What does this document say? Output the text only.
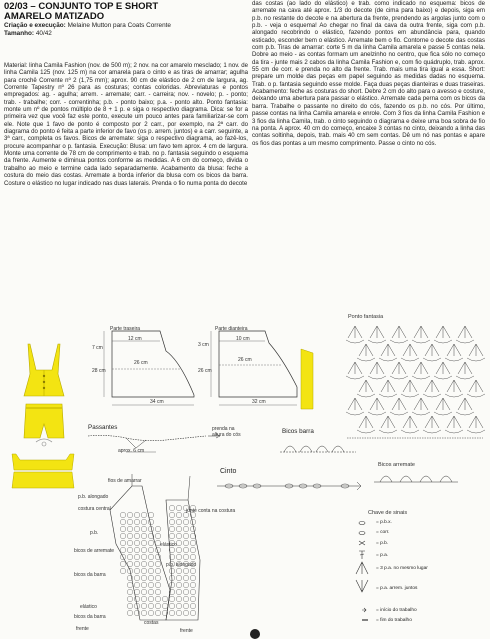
02/03 – CONJUNTO TOP E SHORT
AMARELO MATIZADO
Criação e execução: Melaine Mutton para Coats Corrente
Tamanho: 40/42
Material: linha Camila Fashion (nov. de 500 m); 2 nov. na cor amarelo mesclado; 1 nov. de linha Camila 125 (nov. 125 m) na cor amarela para o cinto e as tiras de amarrar; agulha para crochê Corrente nº 2 (1,75 mm); aprox. 90 cm de elástico de 2 cm de largura, ag. Corrente Tapestry nº 26 para as costuras; contas coloridas. Abreviaturas e pontos empregados: ag. - agulha; arrem. - arremate; carr. - carreira; nov. - novelo; p. - ponto; trab. - trabalhe; corr. - correntinha; p.b. - ponto baixo; p.a. - ponto alto. Ponto fantasia: monte um nº de pontos múltiplo de 8 + 1 p. e siga o respectivo diagrama. Dica: se for a primeira vez que você faz este ponto, execute um pouco antes para familiarizar-se com ele. Note que 1 favo de ponto é composto por 2 carr., por exemplo, na 2ª carr. do diagrama do ponto é feita a parte inferior de favo (os p. arrem. juntos) e a carr. seguinte, a 3ª carr., completa os favos. Bicos de arremate: siga o respectivo diagrama, ao fazê-los, procure acompanhar o p. fantasia. Execução: Blusa: um favo tem aprox. 4 cm de largura. Monte uma corrente de 78 cm de comprimento e trab. no p. fantasia seguindo o esquema da frente. Aumente e diminua pontos conforme as medidas. A 6 cm do começo, divida o trabalho ao meio e termine cada lado separadamente. Acabamento da blusa: feche a costura do meio das costas. Arremate a borda inferior da blusa com os bicos da barra. Costure o elástico no lugar indicado nas duas laterais. Prenda o fio numa ponta do decote
das costas (ao lado do elástico) e trab. como indicado no esquema: bicos de arremate na cava até aprox. 1/3 do decote (de cima para baixo) e depois, siga em p.b. no restante do decote e na abertura da frente, prendendo as argolas junto com o p.b. - veja o esquema! Ao chegar no final da cava da outra frente, siga com p.b. alongado recobrindo o elástico, fazendo pontos em abundância para, quando esticado, esconder bem o elástico. Arremate bem o fio. Contorne o decote das costas com p.b. Tiras de amarrar: corte 5 m da linha Camila amarela e passe 5 contas nela. Dobre ao meio - as contas formam um anelzinho no centro, que fica sólo no começo da tira - junte mais 2 cabos da linha Camila Fashion e, com fio quádruplo, trab. aprox. 55 cm de corr. e prenda no alto da frente. Trab. mais uma tira igual a essa. Short: prepare um molde das peças em papel seguindo as medidas dadas no esquema. Trab. o p. fantasia seguindo esse molde. Faça duas peças dianteiras e duas traseiras. Acabamento: feche as costuras do short. Debre 2 cm do alto para o avesso e costure, deixando uma abertura para passar o elástico. Arremate cada perna com os bicos da barra. Trabalhe o passante no direito do cós, fazendo os p.b. no cós. Por último, passe contas na linha Camila amarela e enrole. Com 3 fios da linha Camila Fashion e 3 fios da linha Camila, trab. o cinto seguindo o diagrama e deixe uma boa sobra de fio na ponta. A aprox. 40 cm do começo, encaixe 3 contas no cinto, deixando a linha das contas soltinha, depois, trab. mais 40 cm sem contas. Dê um nó nas pontas e apare os fios das pontas a um mesmo comprimento. Passe o cinto no cós.
Parte traseira
12 cm
26 cm
34 cm
28 cm
7 cm
Parte dianteira
10 cm
26 cm
32 cm
26 cm
3 cm
Ponto fantasia
Passantes
aprox. 6 cm
prenda na
altura do cós	Bicos barra
Cinto
Bicos arremate
fios de amarrar
p.b. alongado
costura central	junte conta na costura
p.b.
elástico
bicos de arremate
p.b. alongado
bicos da barra
costas
frente
elástico
bicos da barra
frente
Chave de sinais
= p.b.x.
= corr.
= p.b.
= p.a.
= 3 p.a. no mesmo lugar
= p.a. arrem. juntos
= início do trabalho
= fim do trabalho
